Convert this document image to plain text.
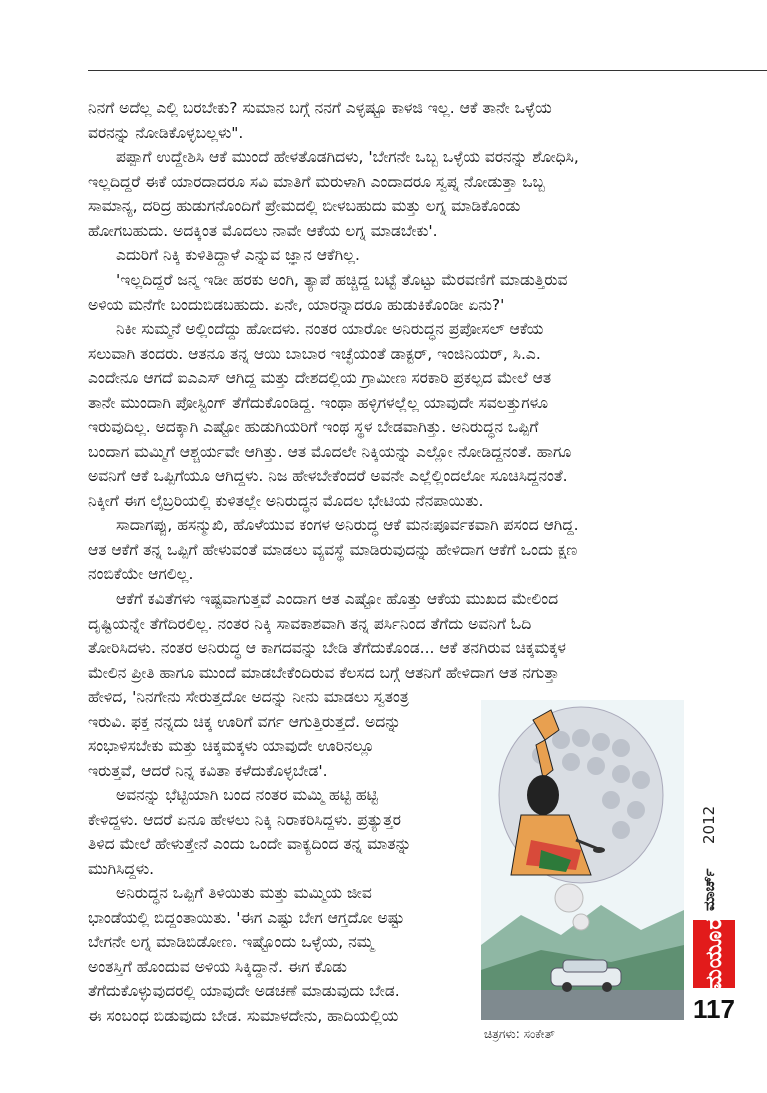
ನಿನಗೆ ಅದೆಲ್ಲ ಎಲ್ಲಿ ಬರಬೇಕು? ಸುಮಾನ ಬಗ್ಗೆ ನನಗೆ ಎಳ್ಳಷ್ಟೂ ಕಾಳಜಿ ಇಲ್ಲ. ಆಕೆ ತಾನೇ ಒಳ್ಳೆಯ
ವರನನ್ನು ನೋಡಿಕೊಳ್ಳಬಲ್ಲಳು".

ಪಪ್ಪಾಗೆ ಉದ್ದೇಶಿಸಿ ಆಕೆ ಮುಂದೆ ಹೇಳತೊಡಗಿದಳು, 'ಬೇಗನೇ ಒಬ್ಬ ಒಳ್ಳೆಯ ವರನನ್ನು ಶೋಧಿಸಿ,
ಇಲ್ಲದಿದ್ದರೆ ಈಕೆ ಯಾರದಾದರೂ ಸವಿ ಮಾತಿಗೆ ಮರುಳಾಗಿ ಎಂದಾದರೂ ಸ್ವಪ್ನ ನೋಡುತ್ತಾ ಒಬ್ಬ
ಸಾಮಾನ್ಯ, ದರಿದ್ರ ಹುಡುಗನೊಂದಿಗೆ ಪ್ರೇಮದಲ್ಲಿ ಬೀಳಬಹುದು ಮತ್ತು ಲಗ್ನ ಮಾಡಿಕೊಂಡು
ಹೋಗಬಹುದು. ಅದಕ್ಕಿಂತ ಮೊದಲು ನಾವೇ ಆಕೆಯ ಲಗ್ನ ಮಾಡಬೇಕು'.

ಎದುರಿಗೆ ನಿಕ್ಕಿ ಕುಳಿತಿದ್ದಾಳೆ ಎನ್ನುವ ಜ್ಞಾನ ಆಕೆಗಿಲ್ಲ.

'ಇಲ್ಲದಿದ್ದರೆ ಜನ್ಮ ಇಡೀ ಹರಕು ಅಂಗಿ, ತ್ಯಾಪೆ ಹಚ್ಚಿದ್ದ ಬಟ್ಟೆ ತೊಟ್ಟು ಮೆರವಣಿಗೆ ಮಾಡುತ್ತಿರುವ
ಅಳಿಯ ಮನೆಗೇ ಬಂದುಬಿಡಬಹುದು. ಏನೇ, ಯಾರನ್ನಾದರೂ ಹುಡುಕಿಕೊಂಡೀ ಏನು?'

ನಿಕೀ ಸುಮ್ಮನೆ ಅಲ್ಲಿಂದೆದ್ದು ಹೋದಳು. ನಂತರ ಯಾರೋ ಅನಿರುದ್ಧನ ಪ್ರಪೋಸಲ್ ಆಕೆಯ
ಸಲುವಾಗಿ ತಂದರು. ಆತನೂ ತನ್ನ ಆಯಿ ಬಾಬಾರ ಇಚ್ಛೆಯಂತೆ ಡಾಕ್ಟರ್, ಇಂಜಿನಿಯರ್, ಸಿ.ಎ.
ಎಂದೇನೂ ಆಗದೆ ಐಎಎಸ್ ಆಗಿದ್ದ ಮತ್ತು ದೇಶದಲ್ಲಿಯ ಗ್ರಾಮೀಣ ಸರಕಾರಿ ಪ್ರಕಲ್ಪದ ಮೇಲೆ ಆತ
ತಾನೇ ಮುಂದಾಗಿ ಪೋಸ್ಟಿಂಗ್ ತೆಗೆದುಕೊಂಡಿದ್ದ. ಇಂಥಾ ಹಳ್ಳಿಗಳಲ್ಲೆಲ್ಲ ಯಾವುದೇ ಸವಲತ್ತುಗಳೂ
ಇರುವುದಿಲ್ಲ. ಅದಕ್ಕಾಗಿ ಎಷ್ಟೋ ಹುಡುಗಿಯರಿಗೆ ಇಂಥ ಸ್ಥಳ ಬೇಡವಾಗಿತ್ತು. ಅನಿರುದ್ಧನ ಒಪ್ಪಿಗೆ
ಬಂದಾಗ ಮಮ್ಮಿಗೆ ಆಶ್ಚರ್ಯವೇ ಆಗಿತ್ತು. ಆತ ಮೊದಲೇ ನಿಕ್ಕಿಯನ್ನು ಎಲ್ಲೋ ನೋಡಿದ್ದನಂತೆ. ಹಾಗೂ
ಅವನಿಗೆ ಆಕೆ ಒಪ್ಪಿಗೆಯೂ ಆಗಿದ್ದಳು. ನಿಜ ಹೇಳಬೇಕೆಂದರೆ ಅವನೇ ಎಲ್ಲೆಲ್ಲಿಂದಲೋ ಸೂಚಿಸಿದ್ದನಂತೆ.
ನಿಕ್ಕೀಗೆ ಈಗ ಲೈಬ್ರರಿಯಲ್ಲಿ ಕುಳಿತಲ್ಲೇ ಅನಿರುದ್ಧನ ಮೊದಲ ಭೇಟಿಯ ನೆನಪಾಯಿತು.

ಸಾದಾಗಪ್ಪು, ಹಸನ್ಮುಖಿ, ಹೊಳೆಯುವ ಕಂಗಳ ಅನಿರುದ್ಧ ಆಕೆ ಮನಃಪೂರ್ವಕವಾಗಿ ಪಸಂದ ಆಗಿದ್ದ.
ಆತ ಆಕೆಗೆ ತನ್ನ ಒಪ್ಪಿಗೆ ಹೇಳುವಂತೆ ಮಾಡಲು ವ್ಯವಸ್ಥೆ ಮಾಡಿರುವುದನ್ನು ಹೇಳಿದಾಗ ಆಕೆಗೆ ಒಂದು ಕ್ಷಣ
ನಂಬಿಕೆಯೇ ಆಗಲಿಲ್ಲ.

ಆಕೆಗೆ ಕವಿತೆಗಳು ಇಷ್ಟವಾಗುತ್ತವೆ ಎಂದಾಗ ಆತ ಎಷ್ಟೋ ಹೊತ್ತು ಆಕೆಯ ಮುಖದ ಮೇಲಿಂದ
ದೃಷ್ಟಿಯನ್ನೇ ತೆಗೆದಿರಲಿಲ್ಲ. ನಂತರ ನಿಕ್ಕಿ ಸಾವಕಾಶವಾಗಿ ತನ್ನ ಪರ್ಸಿನಿಂದ ತೆಗೆದು ಅವನಿಗೆ ಓದಿ
ತೋರಿಸಿದಳು. ನಂತರ ಅನಿರುದ್ಧ ಆ ಕಾಗದವನ್ನು ಬೇಡಿ ತೆಗೆದುಕೊಂಡ... ಆಕೆ ತನಗಿರುವ ಚಿಕ್ಕಮಕ್ಕಳ
ಮೇಲಿನ ಪ್ರೀತಿ ಹಾಗೂ ಮುಂದೆ ಮಾಡಬೇಕೆಂದಿರುವ ಕೆಲಸದ ಬಗ್ಗೆ ಆತನಿಗೆ ಹೇಳಿದಾಗ ಆತ ನಗುತ್ತಾ

ಹೇಳಿದ, 'ನಿನಗೇನು ಸೇರುತ್ತದೋ ಅದನ್ನು ನೀನು ಮಾಡಲು ಸ್ವತಂತ್ರ
ಇರುವಿ. ಫಕ್ತ ನನ್ನದು ಚಿಕ್ಕ ಊರಿಗೆ ವರ್ಗ ಆಗುತ್ತಿರುತ್ತದೆ. ಅದನ್ನು
ಸಂಭಾಳಿಸಬೇಕು ಮತ್ತು ಚಿಕ್ಕಮಕ್ಕಳು ಯಾವುದೇ ಊರಿನಲ್ಲೂ
ಇರುತ್ತವೆ, ಆದರೆ ನಿನ್ನ ಕವಿತಾ ಕಳೆದುಕೊಳ್ಳಬೇಡ'.

ಅವನನ್ನು ಭೆಟ್ಟಿಯಾಗಿ ಬಂದ ನಂತರ ಮಮ್ಮಿ ಹಟ್ಟಿ ಹಟ್ಟಿ
ಕೇಳಿದ್ದಳು. ಆದರೆ ಏನೂ ಹೇಳಲು ನಿಕ್ಕಿ ನಿರಾಕರಿಸಿದ್ದಳು. ಪ್ರತ್ಯುತ್ತರ
ತಿಳಿದ ಮೇಲೆ ಹೇಳುತ್ತೇನೆ ಎಂದು ಒಂದೇ ವಾಕ್ಯದಿಂದ ತನ್ನ ಮಾತನ್ನು
ಮುಗಿಸಿದ್ದಳು.

ಅನಿರುದ್ಧನ ಒಪ್ಪಿಗೆ ತಿಳಿಯಿತು ಮತ್ತು ಮಮ್ಮಿಯ ಜೀವ
ಭಾಂಡೆಯಲ್ಲಿ ಬಿದ್ದಂತಾಯಿತು. 'ಈಗ ಎಷ್ಟು ಬೇಗ ಆಗ್ತದೋ ಅಷ್ಟು
ಬೇಗನೇ ಲಗ್ನ ಮಾಡಿಬಿಡೋಣ. ಇಷ್ಟೊಂದು ಒಳ್ಳೆಯ, ನಮ್ಮ
ಅಂತಸ್ತಿಗೆ ಹೊಂದುವ ಅಳಿಯ ಸಿಕ್ಕಿದ್ದಾನೆ. ಈಗ ಕೊಡು
ತೆಗೆದುಕೊಳ್ಳುವುದರಲ್ಲಿ ಯಾವುದೇ ಅಡಚಣೆ ಮಾಡುವುದು ಬೇಡ.
ಈ ಸಂಬಂಧ ಬಿಡುವುದು ಬೇಡ. ಸುಮಾಳದೇನು, ಹಾದಿಯಲ್ಲಿಯ

ಚಿತ್ರಗಳು: ಸಂಕೇತ್
2012
ಮಾರ್ಚ್
ಮಯೂರ
117
